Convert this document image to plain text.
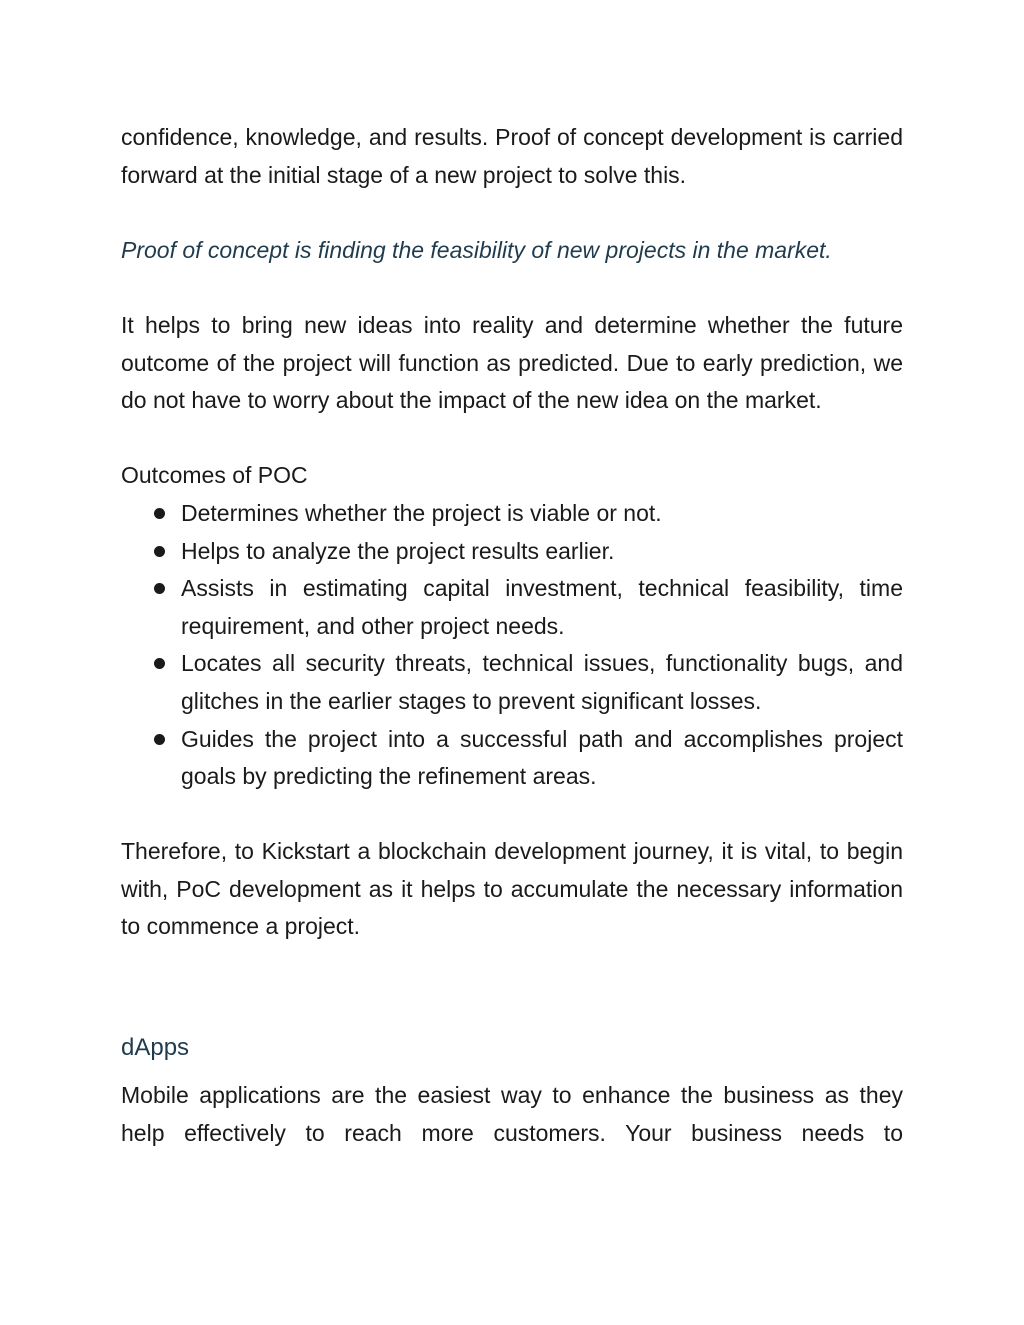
confidence, knowledge, and results. Proof of concept development is carried forward at the initial stage of a new project to solve this.

Proof of concept is finding the feasibility of new projects in the market.

It helps to bring new ideas into reality and determine whether the future outcome of the project will function as predicted. Due to early prediction, we do not have to worry about the impact of the new idea on the market.

Outcomes of POC

Determines whether the project is viable or not.
Helps to analyze the project results earlier.
Assists in estimating capital investment, technical feasibility, time requirement, and other project needs.
Locates all security threats, technical issues, functionality bugs, and glitches in the earlier stages to prevent significant losses.
Guides the project into a successful path and accomplishes project goals by predicting the refinement areas.

Therefore, to Kickstart a blockchain development journey, it is vital, to begin with, PoC development as it helps to accumulate the necessary information to commence a project.

dApps

Mobile applications are the easiest way to enhance the business as they help effectively to reach more customers. Your business needs to
